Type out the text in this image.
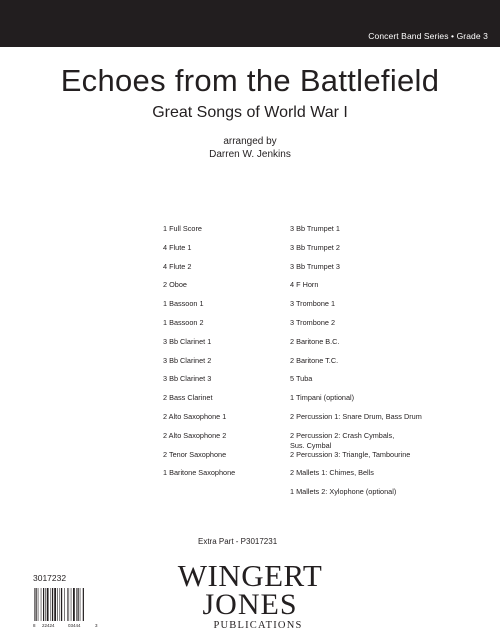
Concert Band Series • Grade 3
Echoes from the Battlefield
Great Songs of World War I
arranged by
Darren W. Jenkins
1 Full Score
4 Flute 1
4 Flute 2
2 Oboe
1 Bassoon 1
1 Bassoon 2
3 Bb Clarinet 1
3 Bb Clarinet 2
3 Bb Clarinet 3
2 Bass Clarinet
2 Alto Saxophone 1
2 Alto Saxophone 2
2 Tenor Saxophone
1 Baritone Saxophone
3 Bb Trumpet 1
3 Bb Trumpet 2
3 Bb Trumpet 3
4 F Horn
3 Trombone 1
3 Trombone 2
2 Baritone B.C.
2 Baritone T.C.
5 Tuba
1 Timpani (optional)
2 Percussion 1: Snare Drum, Bass Drum
2 Percussion 2: Crash Cymbals,
Sus. Cymbal
2 Percussion 3: Triangle, Tambourine
2 Mallets 1: Chimes, Bells
1 Mallets 2: Xylophone (optional)
Extra Part - P3017231
3017232
8 22424	03444	3
WINGERT
JONES
PUBLICATIONS
